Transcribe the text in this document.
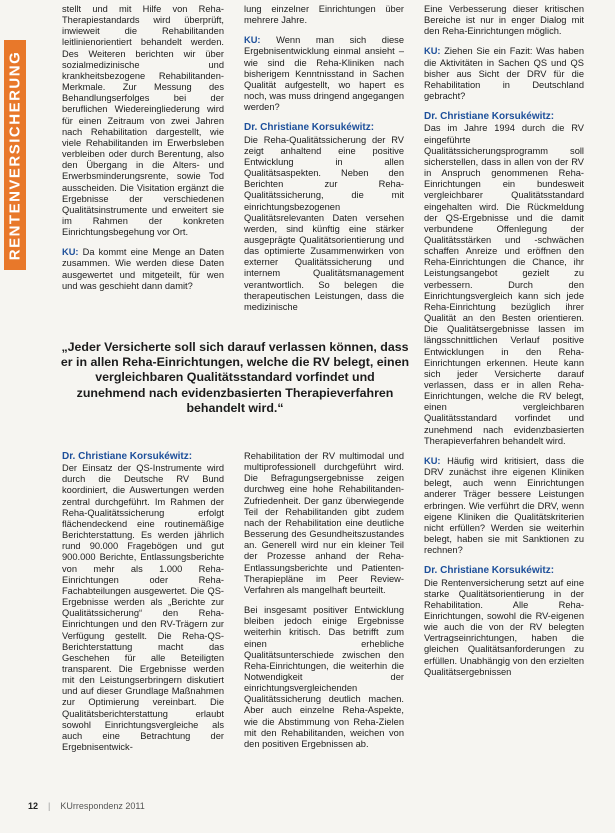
RENTENVERSICHERUNG

stellt und mit Hilfe von Reha-Therapiestandards wird überprüft, inwieweit die Rehabilitanden leitlinienorientiert behandelt werden. Des Weiteren berichten wir über sozialmedizinische und krankheitsbezogene Rehabilitanden-Merkmale. Zur Messung des Behandlungserfolges bei der beruflichen Wiedereingliederung wird für einen Zeitraum von zwei Jahren nach Rehabilitation dargestellt, wie viele Rehabilitanden im Erwerbsleben verbleiben oder durch Berentung, also den Übergang in die Alters- und Erwerbsminderungsrente, sowie Tod ausscheiden. Die Visitation ergänzt die Ergebnisse der verschiedenen Qualitätsinstrumente und erweitert sie im Rahmen der konkreten Einrichtungsbegehung vor Ort.

KU: Da kommt eine Menge an Daten zusammen. Wie werden diese Daten ausgewertet und mitgeteilt, für wen und was geschieht dann damit?

lung einzelner Einrichtungen über mehrere Jahre.

KU: Wenn man sich diese Ergebnisentwicklung einmal ansieht – wie sind die Reha-Kliniken nach bisherigem Kenntnisstand in Sachen Qualität aufgestellt, wo hapert es noch, was muss dringend angegangen werden?

Dr. Christiane Korsukéwitz:
Die Reha-Qualitätssicherung der RV zeigt anhaltend eine positive Entwicklung in allen Qualitätsaspekten. Neben den Berichten zur Reha-Qualitätssicherung, die mit einrichtungsbezogenen Qualitätsrelevanten Daten versehen werden, sind künftig eine stärker ausgeprägte Qualitätsorientierung und das optimierte Zusammenwirken von externer Qualitätssicherung und internem Qualitätsmanagement verantwortlich. So belegen die therapeutischen Leistungen, dass die medizinische

Eine Verbesserung dieser kritischen Bereiche ist nur in enger Dialog mit den Reha-Einrichtungen möglich.

KU: Ziehen Sie ein Fazit: Was haben die Aktivitäten in Sachen QS und QS bisher aus Sicht der DRV für die Rehabilitation in Deutschland gebracht?

Dr. Christiane Korsukéwitz:
Das im Jahre 1994 durch die RV eingeführte Qualitätssicherungsprogramm soll sicherstellen, dass in allen von der RV in Anspruch genommenen Reha-Einrichtungen ein bundesweit vergleichbarer Qualitätsstandard eingehalten wird. Die Rückmeldung der QS-Ergebnisse und die damit verbundene Offenlegung der Qualitätsstärken und -schwächen schaffen Anreize und eröffnen den Reha-Einrichtungen die Chance, ihr Leistungsangebot gezielt zu verbessern. Durch den Einrichtungsvergleich kann sich jede Reha-Einrichtung bezüglich ihrer Qualität an den Besten orientieren. Die Qualitätsergebnisse lassen im längsschnittlichen Verlauf positive Entwicklungen in den Reha-Einrichtungen erkennen. Heute kann sich jeder Versicherte darauf verlassen, dass er in allen Reha-Einrichtungen, welche die RV belegt, einen vergleichbaren Qualitätsstandard vorfindet und zunehmend nach evidenzbasierten Therapieverfahren behandelt wird.

KU: Häufig wird kritisiert, dass die DRV zunächst ihre eigenen Kliniken belegt, auch wenn Einrichtungen anderer Träger bessere Leistungen erbringen. Wie verführt die DRV, wenn eigene Kliniken die Qualitätskriterien nicht erfüllen? Werden sie weiterhin belegt, haben sie mit Sanktionen zu rechnen?

Dr. Christiane Korsukéwitz:
Die Rentenversicherung setzt auf eine starke Qualitätsorientierung in der Rehabilitation. Alle Reha-Einrichtungen, sowohl die RV-eigenen wie auch die von der RV belegten Vertragseinrichtungen, haben die gleichen Qualitätsanforderungen zu erfüllen. Unabhängig von den erzielten Qualitätsergebnissen

„Jeder Versicherte soll sich darauf verlassen können, dass er in allen Reha-Einrichtungen, welche die RV belegt, einen vergleichbaren Qualitätsstandard vorfindet und zunehmend nach evidenzbasierten Therapieverfahren behandelt wird.“

Dr. Christiane Korsukéwitz:
Der Einsatz der QS-Instrumente wird durch die Deutsche RV Bund koordiniert, die Auswertungen werden zentral durchgeführt. Im Rahmen der Reha-Qualitätssicherung erfolgt flächendeckend eine routinemäßige Berichterstattung. Es werden jährlich rund 90.000 Fragebögen und gut 900.000 Berichte, Entlassungsberichte von mehr als 1.000 Reha-Einrichtungen oder Reha-Fachabteilungen ausgewertet. Die QS-Ergebnisse werden als „Berichte zur Qualitätssicherung“ den Reha-Einrichtungen und den RV-Trägern zur Verfügung gestellt. Die Reha-QS-Berichterstattung macht das Geschehen für alle Beteiligten transparent. Die Ergebnisse werden mit den Leistungserbringern diskutiert und auf dieser Grundlage Maßnahmen zur Optimierung vereinbart. Die Qualitätsberichterstattung erlaubt sowohl Einrichtungsvergleiche als auch eine Betrachtung der Ergebnisentwick-

Rehabilitation der RV multimodal und multiprofessionell durchgeführt wird. Die Befragungsergebnisse zeigen durchweg eine hohe Rehabilitanden-Zufriedenheit. Der ganz überwiegende Teil der Rehabilitanden gibt zudem nach der Rehabilitation eine deutliche Besserung des Gesundheitszustandes an. Generell wird nur ein kleiner Teil der Prozesse anhand der Reha-Entlassungsberichte und Patienten-Therapiepläne im Peer Review-Verfahren als mangelhaft beurteilt.

Bei insgesamt positiver Entwicklung bleiben jedoch einige Ergebnisse weiterhin kritisch. Das betrifft zum einen erhebliche Qualitätsunterschiede zwischen den Reha-Einrichtungen, die weiterhin die Notwendigkeit der einrichtungsvergleichenden Qualitätssicherung deutlich machen. Aber auch einzelne Reha-Aspekte, wie die Abstimmung von Reha-Zielen mit den Rehabilitanden, weichen von den positiven Ergebnissen ab.

12 | KUrrespondenz 2011
